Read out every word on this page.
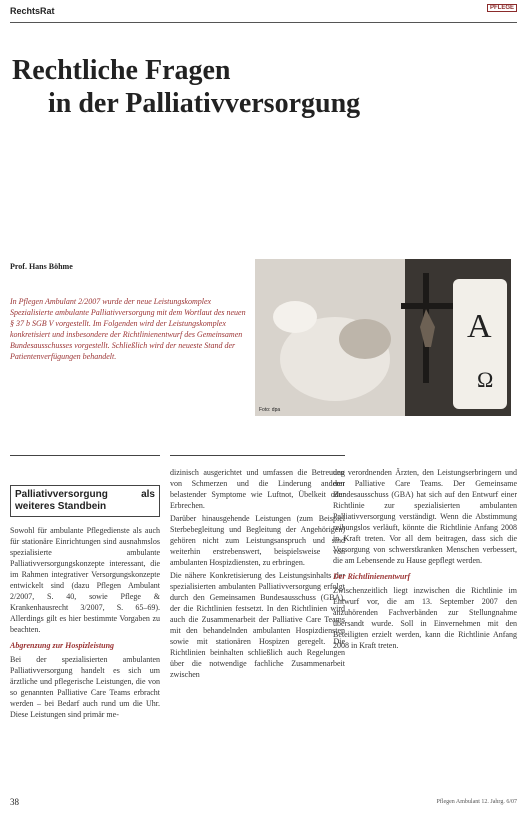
RechtsRat	PFLEGE
Rechtliche Fragen
in der Palliativversorgung
Prof. Hans Böhme

In Pflegen Ambulant 2/2007 wurde der neue Leistungskomplex Spezialisierte ambulante Palliativversorgung mit dem Wortlaut des neuen § 37 b SGB V vorgestellt. Im Folgenden wird der Leistungskomplex konkretisiert und insbesondere der Richtlinienentwurf des Gemeinsamen Bundesausschusses vorgestellt. Schließlich wird der neueste Stand der Patientenverfügungen behandelt.

A
Ω
Foto: dpa
Palliativversorgung als weiteres Standbein

Sowohl für ambulante Pflegedienste als auch für stationäre Einrichtungen sind ausnahmslos spezialisierte ambulante Palliativversorgungskonzepte interessant, die im Rahmen integrativer Versorgungskonzepte entwickelt sind (dazu Pflegen Ambulant 2/2007, S. 40, sowie Pflege & Krankenhausrecht 3/2007, S. 65–69). Allerdings gilt es hier bestimmte Vorgaben zu beachten.

Abgrenzung zur Hospizleistung

Bei der spezialisierten ambulanten Palliativversorgung handelt es sich um ärztliche und pflegerische Leistungen, die von so genannten Palliative Care Teams erbracht werden – bei Bedarf auch rund um die Uhr. Diese Leistungen sind primär me-

dizinisch ausgerichtet und umfassen die Betreuung von Schmerzen und die Linderung anderer belastender Symptome wie Luftnot, Übelkeit oder Erbrechen.

Darüber hinausgehende Leistungen (zum Beispiel Sterbebegleitung und Begleitung der Angehörigen) gehören nicht zum Leistungsanspruch und sind weiterhin erstrebenswert, beispielsweise von ambulanten Hospizdiensten, zu erbringen.

Die nähere Konkretisierung des Leistungsinhalts der spezialisierten ambulanten Palliativversorgung erfolgt durch den Gemeinsamen Bundesausschuss (GBA), der die Richtlinien festsetzt. In den Richtlinien wird auch die Zusammenarbeit der Palliative Care Teams mit den behandelnden ambulanten Hospizdiensten sowie mit stationären Hospizen geregelt. Die Richtlinien beinhalten schließlich auch Regelungen über die notwendige fachliche Zusammenarbeit zwischen

den verordnenden Ärzten, den Leistungserbringern und den Palliative Care Teams. Der Gemeinsame Bundesausschuss (GBA) hat sich auf den Entwurf einer Richtlinie zur spezialisierten ambulanten Palliativversorgung verständigt. Wenn die Abstimmung reibungslos verläuft, könnte die Richtlinie Anfang 2008 in Kraft treten. Vor all dem beitragen, dass sich die Versorgung von schwerstkranken Menschen verbessert, die am Lebensende zu Hause gepflegt werden.

Der Richtlinienentwurf

Zwischenzeitlich liegt inzwischen die Richtlinie im Entwurf vor, die am 13. September 2007 den anzuhörenden Fachverbänden zur Stellungnahme übersandt wurde. Soll in Einvernehmen mit den Beteiligten erzielt werden, kann die Richtlinie Anfang 2008 in Kraft treten.

38	Pflegen Ambulant 12. Jahrg. 6/07
